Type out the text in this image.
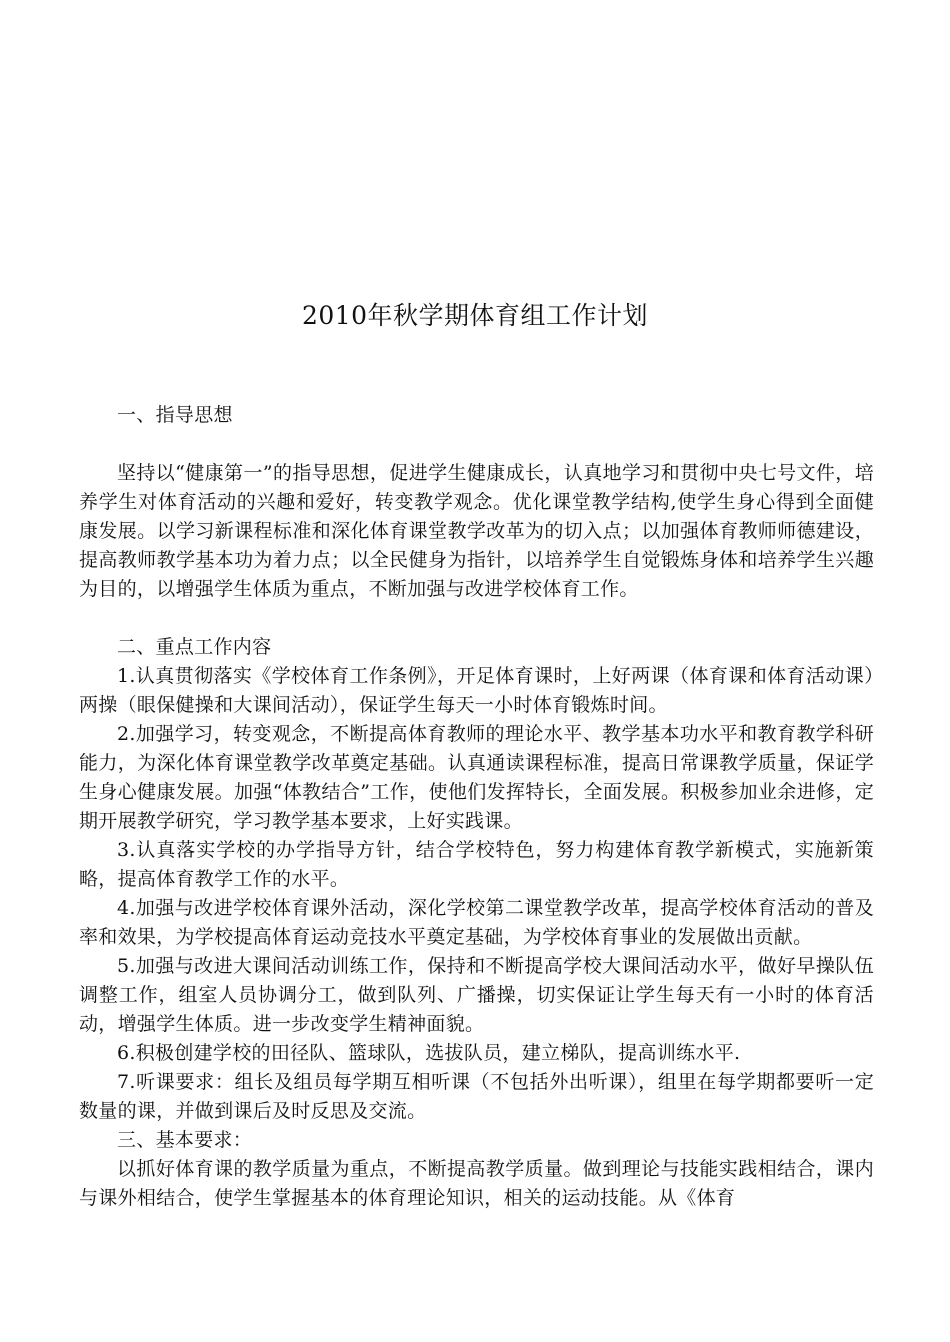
2010年秋学期体育组工作计划

一、指导思想

坚持以“健康第一”的指导思想，促进学生健康成长，认真地学习和贯彻中央七号文件，培养学生对体育活动的兴趣和爱好，转变教学观念。优化课堂教学结构,使学生身心得到全面健康发展。以学习新课程标准和深化体育课堂教学改革为的切入点；以加强体育教师师德建设，提高教师教学基本功为着力点；以全民健身为指针，以培养学生自觉锻炼身体和培养学生兴趣为目的，以增强学生体质为重点，不断加强与改进学校体育工作。

二、重点工作内容

1.认真贯彻落实《学校体育工作条例》，开足体育课时，上好两课（体育课和体育活动课）两操（眼保健操和大课间活动），保证学生每天一小时体育锻炼时间。

2.加强学习，转变观念，不断提高体育教师的理论水平、教学基本功水平和教育教学科研能力，为深化体育课堂教学改革奠定基础。认真通读课程标准，提高日常课教学质量，保证学生身心健康发展。加强“体教结合”工作，使他们发挥特长，全面发展。积极参加业余进修，定期开展教学研究，学习教学基本要求，上好实践课。

3.认真落实学校的办学指导方针，结合学校特色，努力构建体育教学新模式，实施新策略，提高体育教学工作的水平。

4.加强与改进学校体育课外活动，深化学校第二课堂教学改革，提高学校体育活动的普及率和效果，为学校提高体育运动竞技水平奠定基础，为学校体育事业的发展做出贡献。

5.加强与改进大课间活动训练工作，保持和不断提高学校大课间活动水平，做好早操队伍调整工作，组室人员协调分工，做到队列、广播操，切实保证让学生每天有一小时的体育活动，增强学生体质。进一步改变学生精神面貌。

6.积极创建学校的田径队、篮球队，选拔队员，建立梯队，提高训练水平.

7.听课要求：组长及组员每学期互相听课（不包括外出听课），组里在每学期都要听一定数量的课，并做到课后及时反思及交流。

三、基本要求：

以抓好体育课的教学质量为重点，不断提高教学质量。做到理论与技能实践相结合，课内与课外相结合，使学生掌握基本的体育理论知识，相关的运动技能。从《体育
